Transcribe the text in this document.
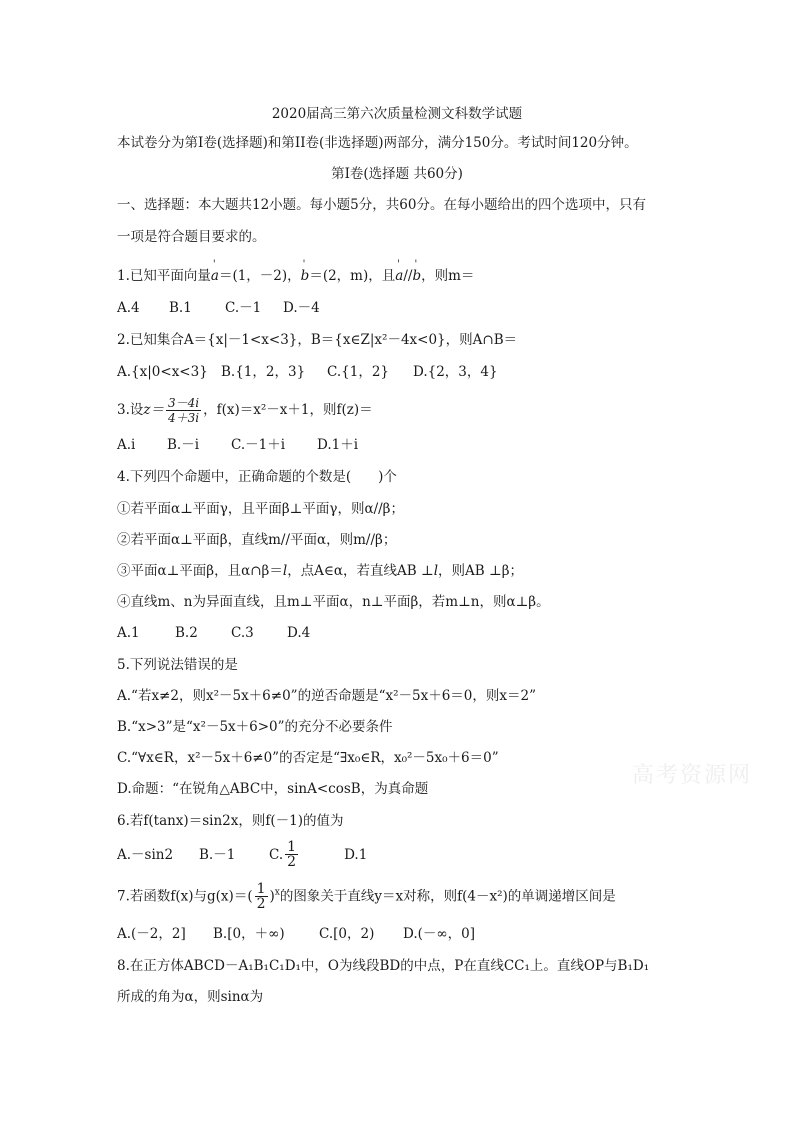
2020届高三第六次质量检测文科数学试题
本试卷分为第I卷(选择题)和第II卷(非选择题)两部分，满分150分。考试时间120分钟。
第I卷(选择题 共60分)
一、选择题：本大题共12小题。每小题5分，共60分。在每小题给出的四个选项中，只有
一项是符合题目要求的。
1.已知平面向量' a＝(1，－2)，' b＝(2，m)，且' a//' b，则m＝
A.4 B.1 C.－1 D.－4
2.已知集合A＝{x|－1<x<3}，B＝{x∈Z|x²－4x<0}，则A∩B＝
A.{x|0<x<3} B.{1，2，3} C.{1，2} D.{2，3，4}
3.设$z= \frac{3-4i}{4+3i}$ ，f(x)＝x²－x＋1，则f(z)＝
A.i B.－i C.－1＋i D.1＋i
4.下列四个命题中，正确命题的个数是(　　)个
①若平面α⊥平面γ，且平面β⊥平面γ，则α//β；
②若平面α⊥平面β，直线m//平面α，则m//β；
③平面α⊥平面β，且α∩β＝l，点A∈α，若直线AB ⊥l，则AB ⊥β；
④直线m、n为异面直线，且m⊥平面α，n⊥平面β，若m⊥n，则α⊥β。
A.1	B.2 C.3 D.4
5.下列说法错误的是
A.“若x≠2，则x²－5x＋6≠0”的逆否命题是“x²－5x＋6＝0，则x＝2”
B.“x>3”是“x²－5x＋6>0”的充分不必要条件
C.“∀x∈R，x²－5x＋6≠0”的否定是“∃x₀∈R，x₀²－5x₀＋6＝0”
D.命题：“在锐角△ABC中，sinA<cosB，为真命题
高考资源网
6.若f(tanx)＝sin2x，则f(－1)的值为
A.－sin2 B.－1 C. $\frac{1}{2}$	D.1
7.若函数f(x)与$g(x)=( \frac{1}{2} )^x$的图象关于直线y＝x对称，则f(4－x²)的单调递增区间是
A.(－2，2] B.[0，＋∞)	C.[0，2) D.(－∞，0]
8.在正方体ABCD－A₁B₁C₁D₁中，O为线段BD的中点，P在直线CC₁上。直线OP与B₁D₁
所成的角为α，则sinα为
